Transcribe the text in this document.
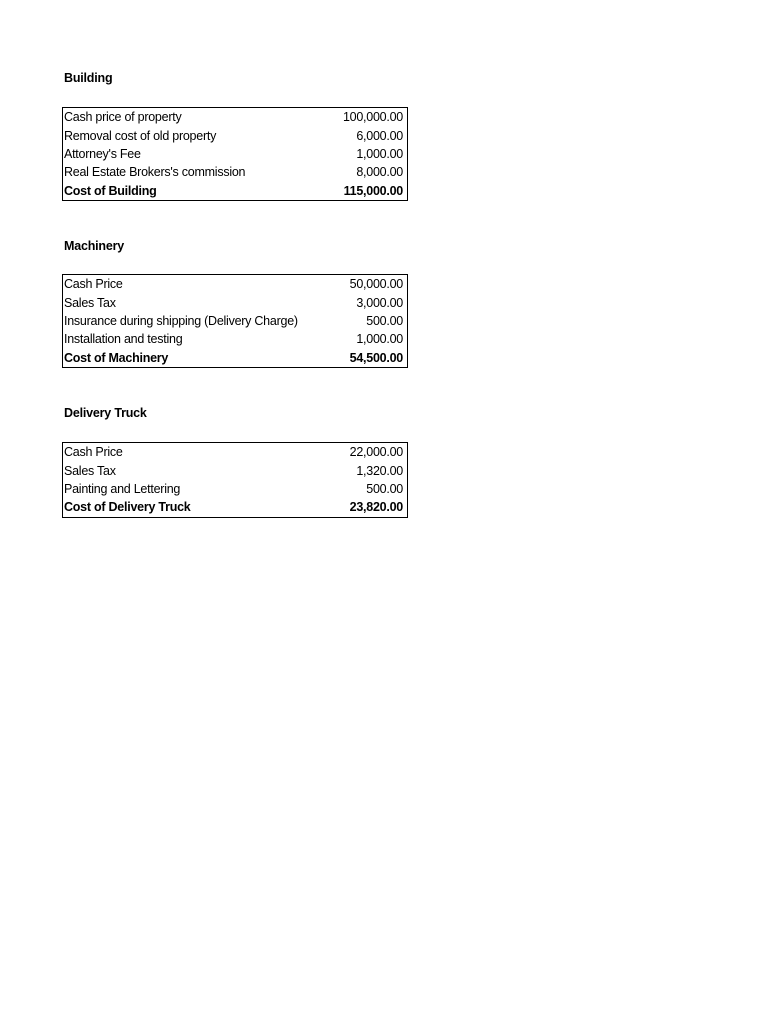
Building
Cash price of property	100,000.00
Removal cost of old property	6,000.00
Attorney's Fee	1,000.00
Real Estate Brokers's commission	8,000.00
Cost of Building	115,000.00
Machinery
Cash Price	50,000.00
Sales Tax	3,000.00
Insurance during shipping (Delivery Charge)	500.00
Installation and testing	1,000.00
Cost of Machinery	54,500.00
Delivery Truck
Cash Price	22,000.00
Sales Tax	1,320.00
Painting and Lettering	500.00
Cost of Delivery Truck	23,820.00
